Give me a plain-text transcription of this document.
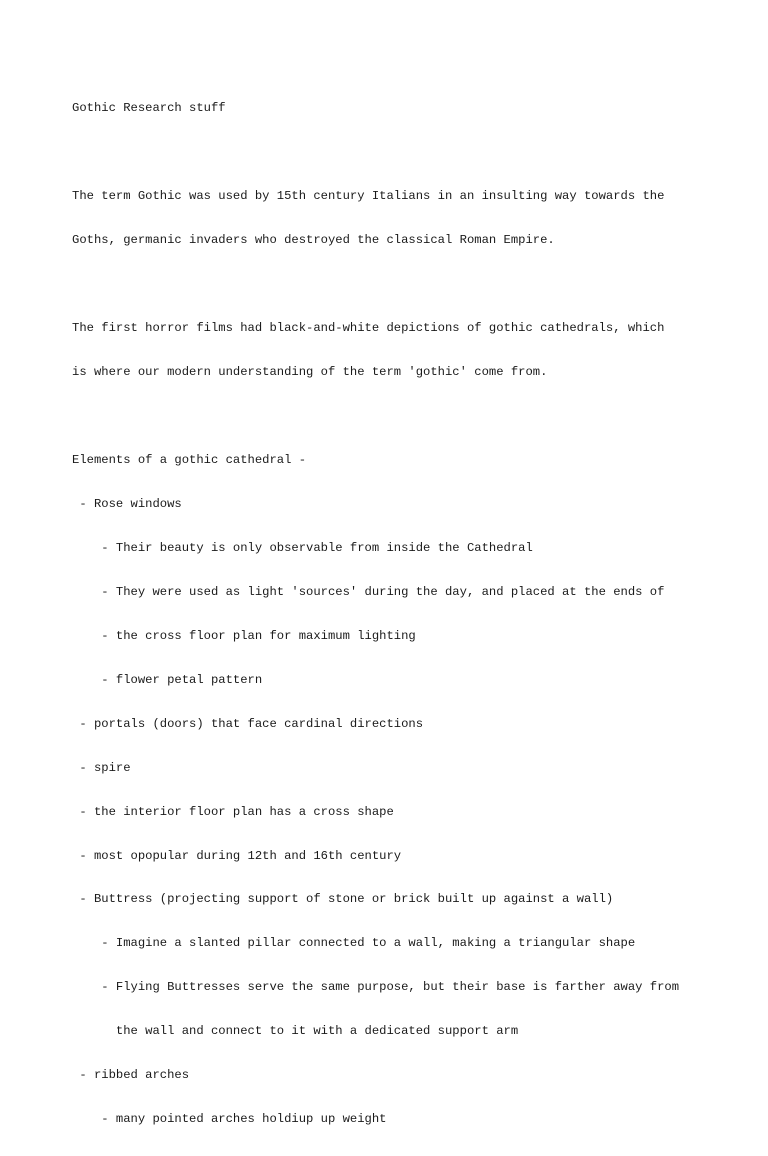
Gothic Research stuff

The term Gothic was used by 15th century Italians in an insulting way towards the

Goths, germanic invaders who destroyed the classical Roman Empire.

The first horror films had black-and-white depictions of gothic cathedrals, which

is where our modern understanding of the term 'gothic' come from.

Elements of a gothic cathedral -

- Rose windows

- Their beauty is only observable from inside the Cathedral

- They were used as light 'sources' during the day, and placed at the ends of

- the cross floor plan for maximum lighting

- flower petal pattern

- portals (doors) that face cardinal directions

- spire

- the interior floor plan has a cross shape

- most opopular during 12th and 16th century

- Buttress (projecting support of stone or brick built up against a wall)

- Imagine a slanted pillar connected to a wall, making a triangular shape

- Flying Buttresses serve the same purpose, but their base is farther away from

the wall and connect to it with a dedicated support arm

- ribbed arches

- many pointed arches holdiup up weight
